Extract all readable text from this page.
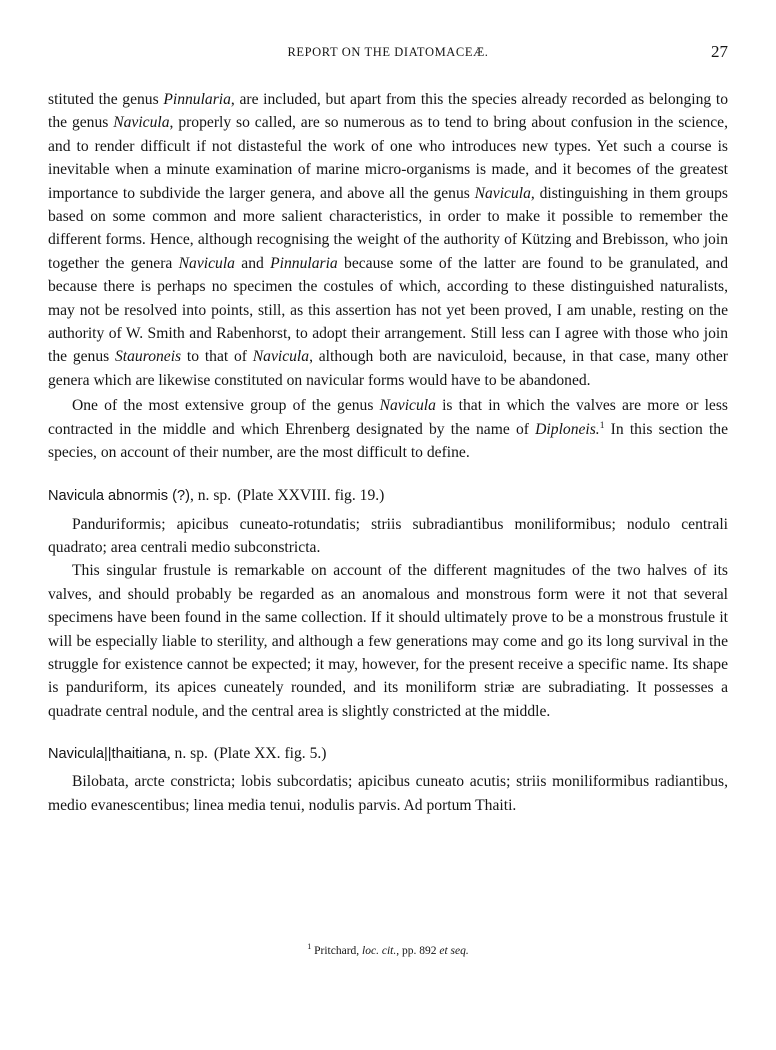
REPORT ON THE DIATOMACEÆ.	27

stituted the genus Pinnularia, are included, but apart from this the species already recorded as belonging to the genus Navicula, properly so called, are so numerous as to tend to bring about confusion in the science, and to render difficult if not distasteful the work of one who introduces new types. Yet such a course is inevitable when a minute examination of marine micro-organisms is made, and it becomes of the greatest importance to subdivide the larger genera, and above all the genus Navicula, distinguishing in them groups based on some common and more salient characteristics, in order to make it possible to remember the different forms. Hence, although recognising the weight of the authority of Kützing and Brebisson, who join together the genera Navicula and Pinnularia because some of the latter are found to be granulated, and because there is perhaps no specimen the costules of which, according to these distinguished naturalists, may not be resolved into points, still, as this assertion has not yet been proved, I am unable, resting on the authority of W. Smith and Rabenhorst, to adopt their arrangement. Still less can I agree with those who join the genus Stauroneis to that of Navicula, although both are naviculoid, because, in that case, many other genera which are likewise constituted on navicular forms would have to be abandoned.

One of the most extensive group of the genus Navicula is that in which the valves are more or less contracted in the middle and which Ehrenberg designated by the name of Diploneis.$^1$ In this section the species, on account of their number, are the most difficult to define.

Navicula abnormis (?), n. sp. (Plate XXVIII. fig. 19.)

Panduriformis; apicibus cuneato-rotundatis; striis subradiantibus moniliformibus; nodulo centrali quadrato; area centrali medio subconstricta.

This singular frustule is remarkable on account of the different magnitudes of the two halves of its valves, and should probably be regarded as an anomalous and monstrous form were it not that several specimens have been found in the same collection. If it should ultimately prove to be a monstrous frustule it will be especially liable to sterility, and although a few generations may come and go its long survival in the struggle for existence cannot be expected; it may, however, for the present receive a specific name. Its shape is panduriform, its apices cuneately rounded, and its moniliform striæ are subradiating. It possesses a quadrate central nodule, and the central area is slightly constricted at the middle.

Navicula||thaitiana, n. sp. (Plate XX. fig. 5.)

Bilobata, arcte constricta; lobis subcordatis; apicibus cuneato acutis; striis moniliformibus radiantibus, medio evanescentibus; linea media tenui, nodulis parvis. Ad portum Thaiti.

$^1$ Pritchard, loc. cit., pp. 892 et seq.
